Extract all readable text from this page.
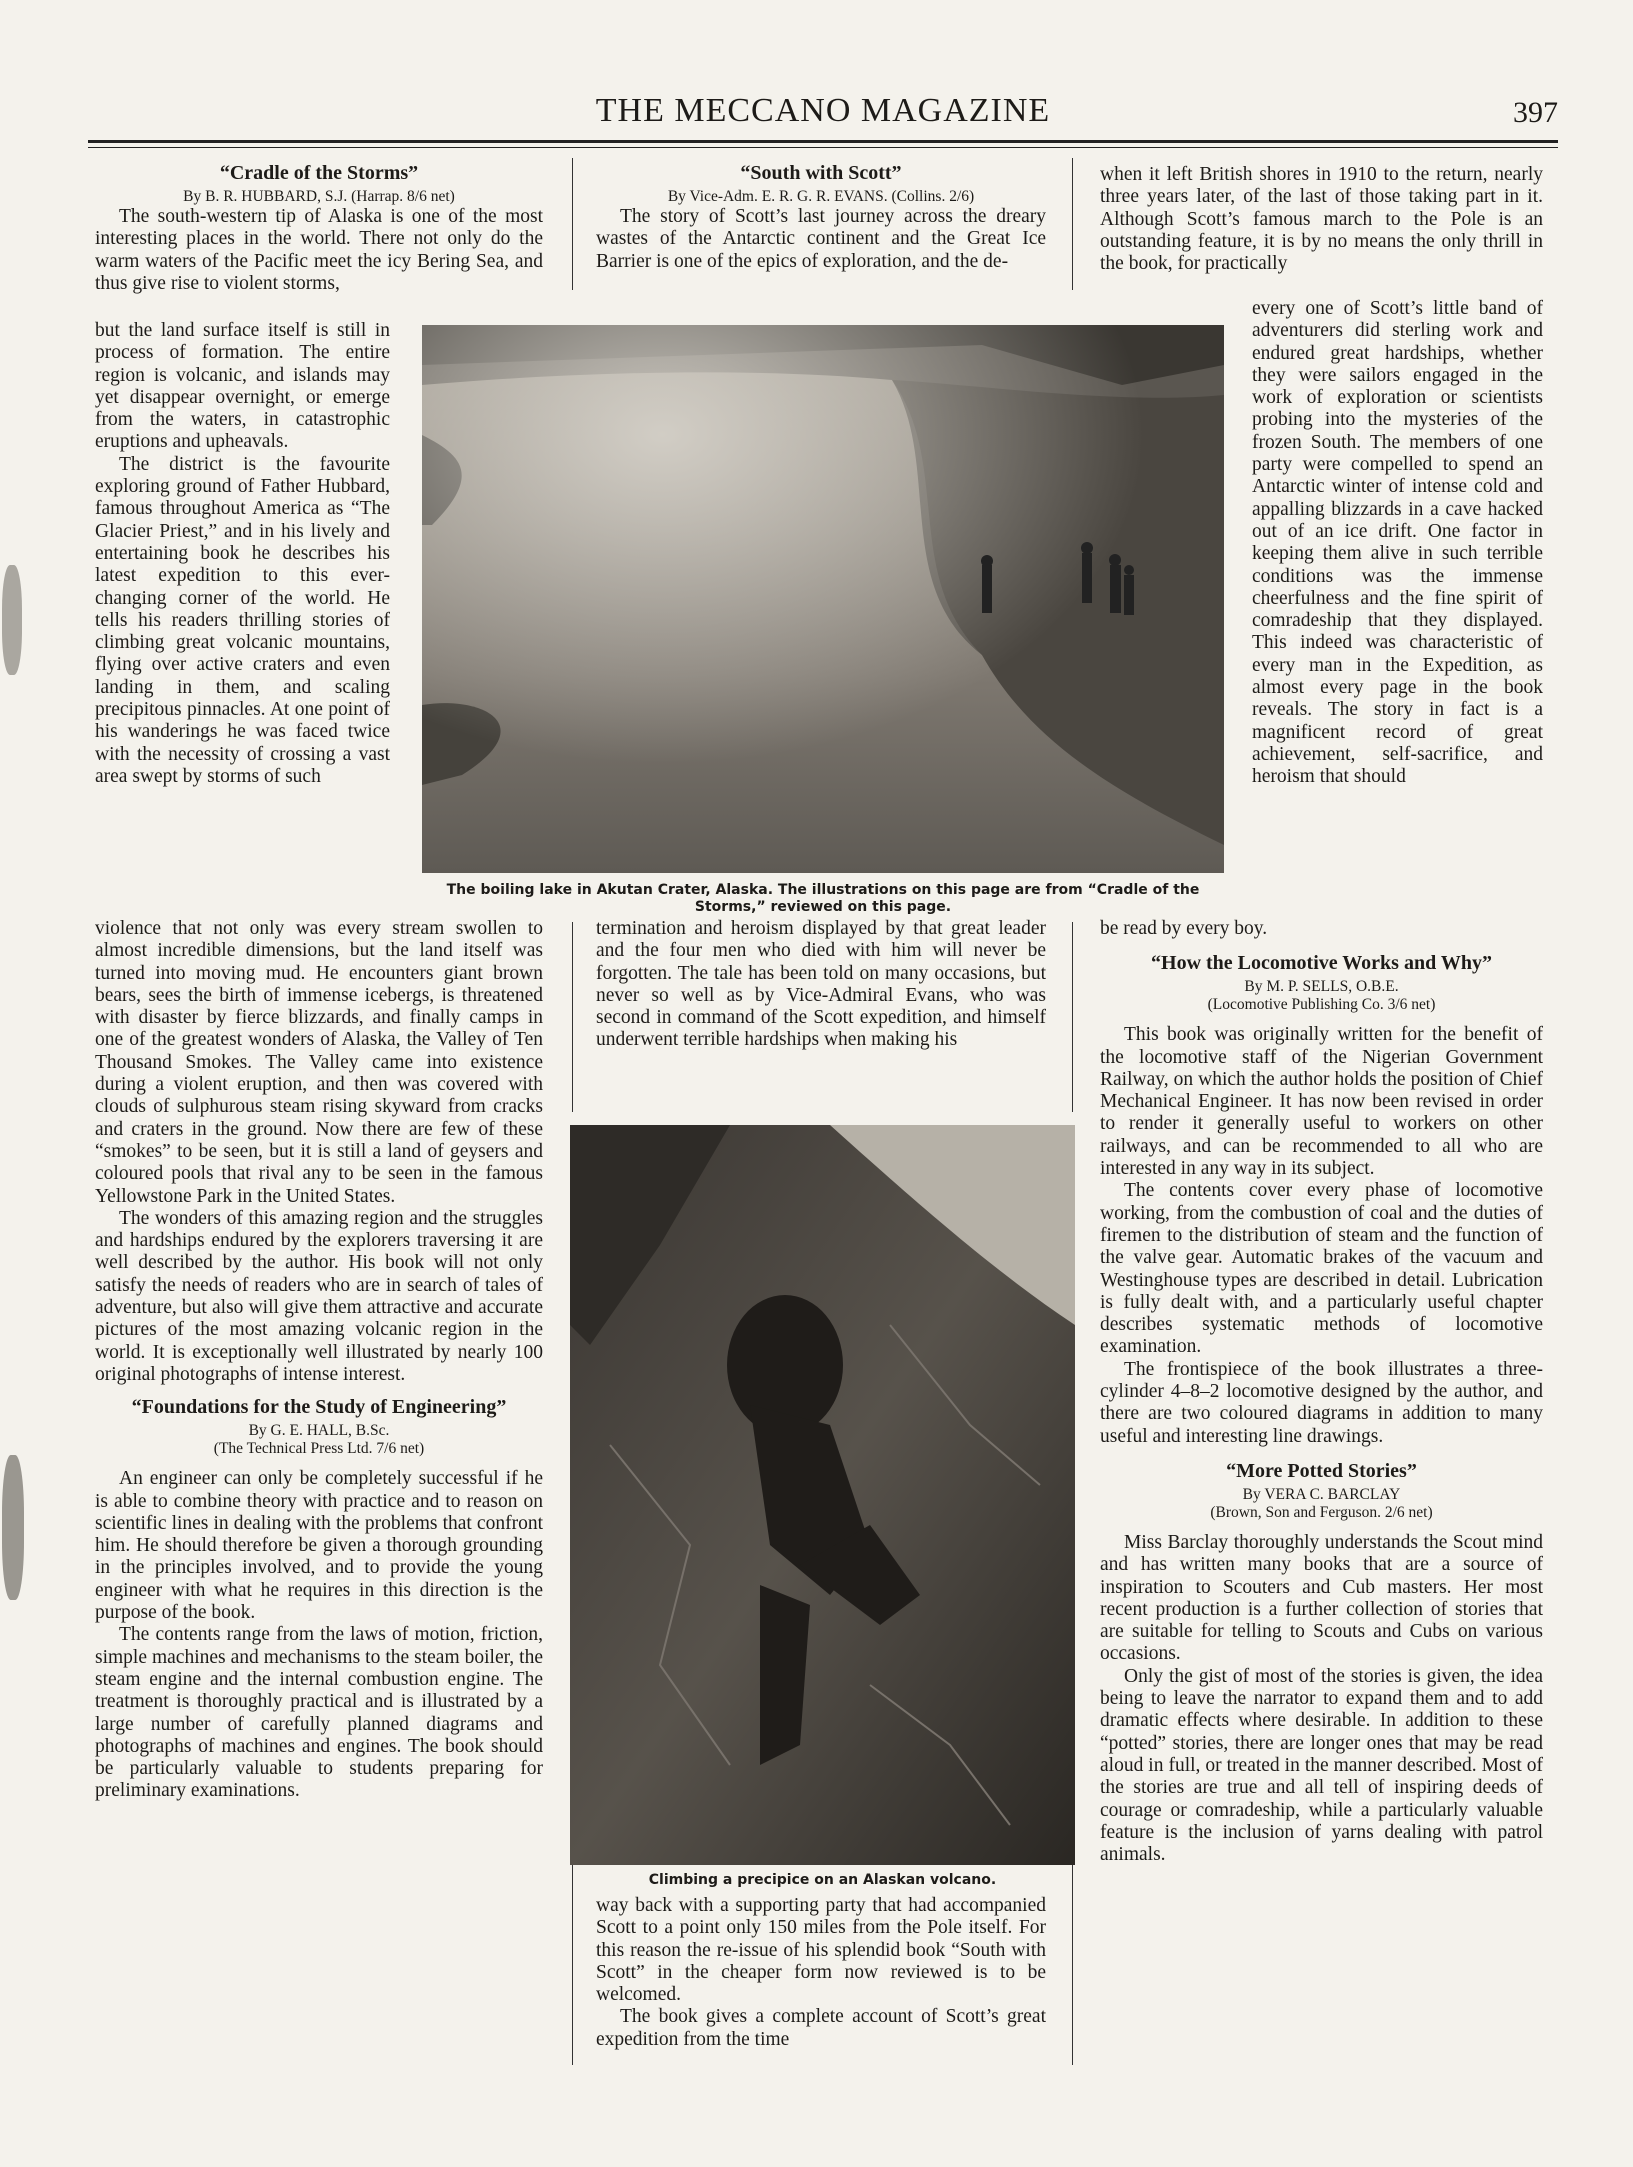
THE MECCANO MAGAZINE	397
“Cradle of the Storms”
By B. R. HUBBARD, S.J. (Harrap. 8/6 net)

The south-western tip of Alaska is one of the most interesting places in the world. There not only do the warm waters of the Pacific meet the icy Bering Sea, and thus give rise to violent storms,

but the land surface itself is still in process of formation. The entire region is volcanic, and islands may yet disappear overnight, or emerge from the waters, in catastrophic eruptions and upheavals.

The district is the favourite exploring ground of Father Hubbard, famous throughout America as “The Glacier Priest,” and in his lively and entertaining book he describes his latest expedition to this ever-changing corner of the world. He tells his readers thrilling stories of climbing great volcanic mountains, flying over active craters and even landing in them, and scaling precipitous pinnacles. At one point of his wanderings he was faced twice with the necessity of crossing a vast area swept by storms of such

violence that not only was every stream swollen to almost incredible dimensions, but the land itself was turned into moving mud. He encounters giant brown bears, sees the birth of immense icebergs, is threatened with disaster by fierce blizzards, and finally camps in one of the greatest wonders of Alaska, the Valley of Ten Thousand Smokes. The Valley came into existence during a violent eruption, and then was covered with clouds of sulphurous steam rising skyward from cracks and craters in the ground. Now there are few of these “smokes” to be seen, but it is still a land of geysers and coloured pools that rival any to be seen in the famous Yellowstone Park in the United States.

The wonders of this amazing region and the struggles and hardships endured by the explorers traversing it are well described by the author. His book will not only satisfy the needs of readers who are in search of tales of adventure, but also will give them attractive and accurate pictures of the most amazing volcanic region in the world. It is exceptionally well illustrated by nearly 100 original photographs of intense interest.

“Foundations for the Study of Engineering”
By G. E. HALL, B.Sc.
(The Technical Press Ltd. 7/6 net)

An engineer can only be completely successful if he is able to combine theory with practice and to reason on scientific lines in dealing with the problems that confront him. He should therefore be given a thorough grounding in the principles involved, and to provide the young engineer with what he requires in this direction is the purpose of the book.

The contents range from the laws of motion, friction, simple machines and mechanisms to the steam boiler, the steam engine and the internal combustion engine. The treatment is thoroughly practical and is illustrated by a large number of carefully planned diagrams and photographs of machines and engines. The book should be particularly valuable to students preparing for preliminary examinations.

“South with Scott”
By Vice-Adm. E. R. G. R. EVANS. (Collins. 2/6)

The story of Scott’s last journey across the dreary wastes of the Antarctic continent and the Great Ice Barrier is one of the epics of exploration, and the de-

termination and heroism displayed by that great leader and the four men who died with him will never be forgotten. The tale has been told on many occasions, but never so well as by Vice-Admiral Evans, who was second in command of the Scott expedition, and himself underwent terrible hardships when making his

way back with a supporting party that had accompanied Scott to a point only 150 miles from the Pole itself. For this reason the re-issue of his splendid book “South with Scott” in the cheaper form now reviewed is to be welcomed.

The book gives a complete account of Scott’s great expedition from the time

when it left British shores in 1910 to the return, nearly three years later, of the last of those taking part in it. Although Scott’s famous march to the Pole is an outstanding feature, it is by no means the only thrill in the book, for practically

every one of Scott’s little band of adventurers did sterling work and endured great hardships, whether they were sailors engaged in the work of exploration or scientists probing into the mysteries of the frozen South. The members of one party were compelled to spend an Antarctic winter of intense cold and appalling blizzards in a cave hacked out of an ice drift. One factor in keeping them alive in such terrible conditions was the immense cheerfulness and the fine spirit of comradeship that they displayed. This indeed was characteristic of every man in the Expedition, as almost every page in the book reveals. The story in fact is a magnificent record of great achievement, self-sacrifice, and heroism that should

be read by every boy.

“How the Locomotive Works and Why”
By M. P. SELLS, O.B.E.
(Locomotive Publishing Co. 3/6 net)

This book was originally written for the benefit of the locomotive staff of the Nigerian Government Railway, on which the author holds the position of Chief Mechanical Engineer. It has now been revised in order to render it generally useful to workers on other railways, and can be recommended to all who are interested in any way in its subject.

The contents cover every phase of locomotive working, from the combustion of coal and the duties of firemen to the distribution of steam and the function of the valve gear. Automatic brakes of the vacuum and Westinghouse types are described in detail. Lubrication is fully dealt with, and a particularly useful chapter describes systematic methods of locomotive examination.

The frontispiece of the book illustrates a three-cylinder 4–8–2 locomotive designed by the author, and there are two coloured diagrams in addition to many useful and interesting line drawings.

“More Potted Stories”
By VERA C. BARCLAY
(Brown, Son and Ferguson. 2/6 net)

Miss Barclay thoroughly understands the Scout mind and has written many books that are a source of inspiration to Scouters and Cub masters. Her most recent production is a further collection of stories that are suitable for telling to Scouts and Cubs on various occasions.

Only the gist of most of the stories is given, the idea being to leave the narrator to expand them and to add dramatic effects where desirable. In addition to these “potted” stories, there are longer ones that may be read aloud in full, or treated in the manner described. Most of the stories are true and all tell of inspiring deeds of courage or comradeship, while a particularly valuable feature is the inclusion of yarns dealing with patrol animals.

The boiling lake in Akutan Crater, Alaska. The illustrations on this page are from “Cradle of the Storms,” reviewed on this page.
Climbing a precipice on an Alaskan volcano.
